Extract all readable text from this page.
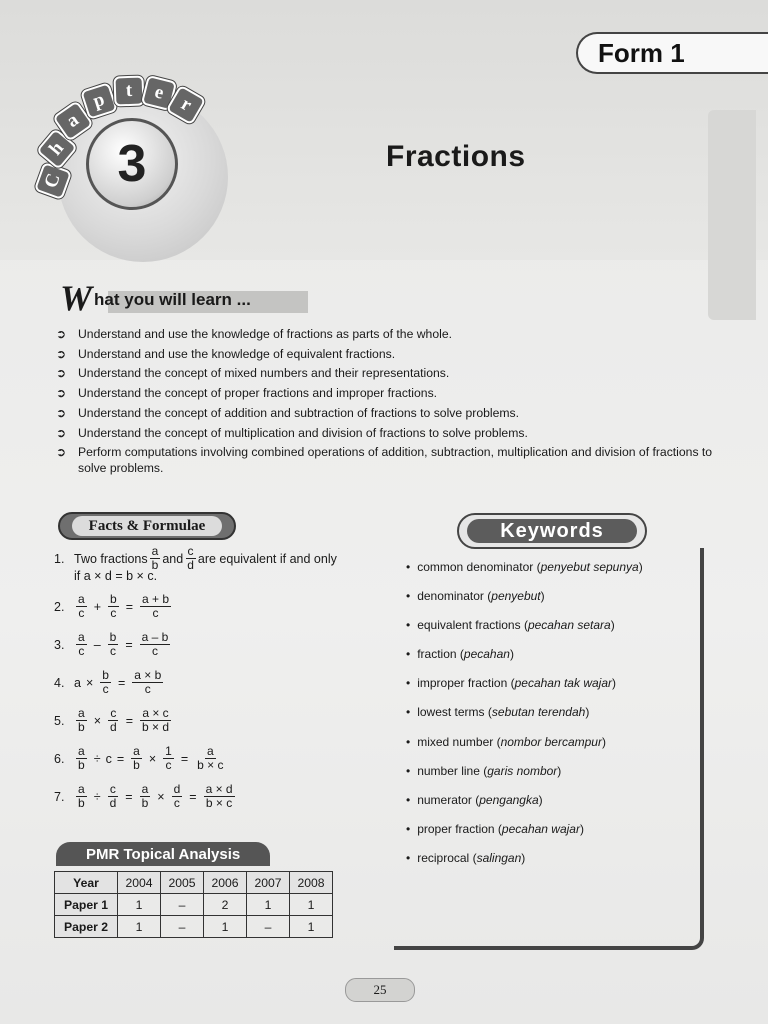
Form 1
C
h
a
p t	e
r
3	Fractions
W hat you will learn ...
➲ Understand and use the knowledge of fractions as parts of the whole.
➲ Understand and use the knowledge of equivalent fractions.
➲ Understand the concept of mixed numbers and their representations.
➲ Understand the concept of proper fractions and improper fractions.
➲ Understand the concept of addition and subtraction of fractions to solve problems.
➲ Understand the concept of multiplication and division of fractions to solve problems.
➲ Perform computations involving combined operations of addition, subtraction, multiplication and division of fractions to solve problems.
Facts & Formulae
1. Two fractions $\frac{a}{b}$ and $\frac{c}{d}$ are equivalent if and only
if a × d = b × c.
2. $\frac{a}{c} + \frac{b}{c} = \frac{a + b}{c}$
3. $\frac{a}{c} - \frac{b}{c} = \frac{a - b}{c}$
4. $a \times \frac{b}{c} = \frac{a \times b}{c}$
5. $\frac{a}{b} \times \frac{c}{d} = \frac{a \times c}{b \times d}$
6. $\frac{a}{b} \div c = \frac{a}{b} \times \frac{1}{c} = \frac{a}{b \times c}$
7. $\frac{a}{b} \div \frac{c}{d} = \frac{a}{b} \times \frac{d}{c} = \frac{a \times d}{b \times c}$
PMR Topical Analysis
Year	2004	2005	2006	2007	2008
Paper 1	1	–	2	1	1
Paper 2	1	–	1	–	1
Keywords
• common denominator (penyebut sepunya)
• denominator (penyebut)
• equivalent fractions (pecahan setara)
• fraction (pecahan)
• improper fraction (pecahan tak wajar)
• lowest terms (sebutan terendah)
• mixed number (nombor bercampur)
• number line (garis nombor)
• numerator (pengangka)
• proper fraction (pecahan wajar)
• reciprocal (salingan)
25
